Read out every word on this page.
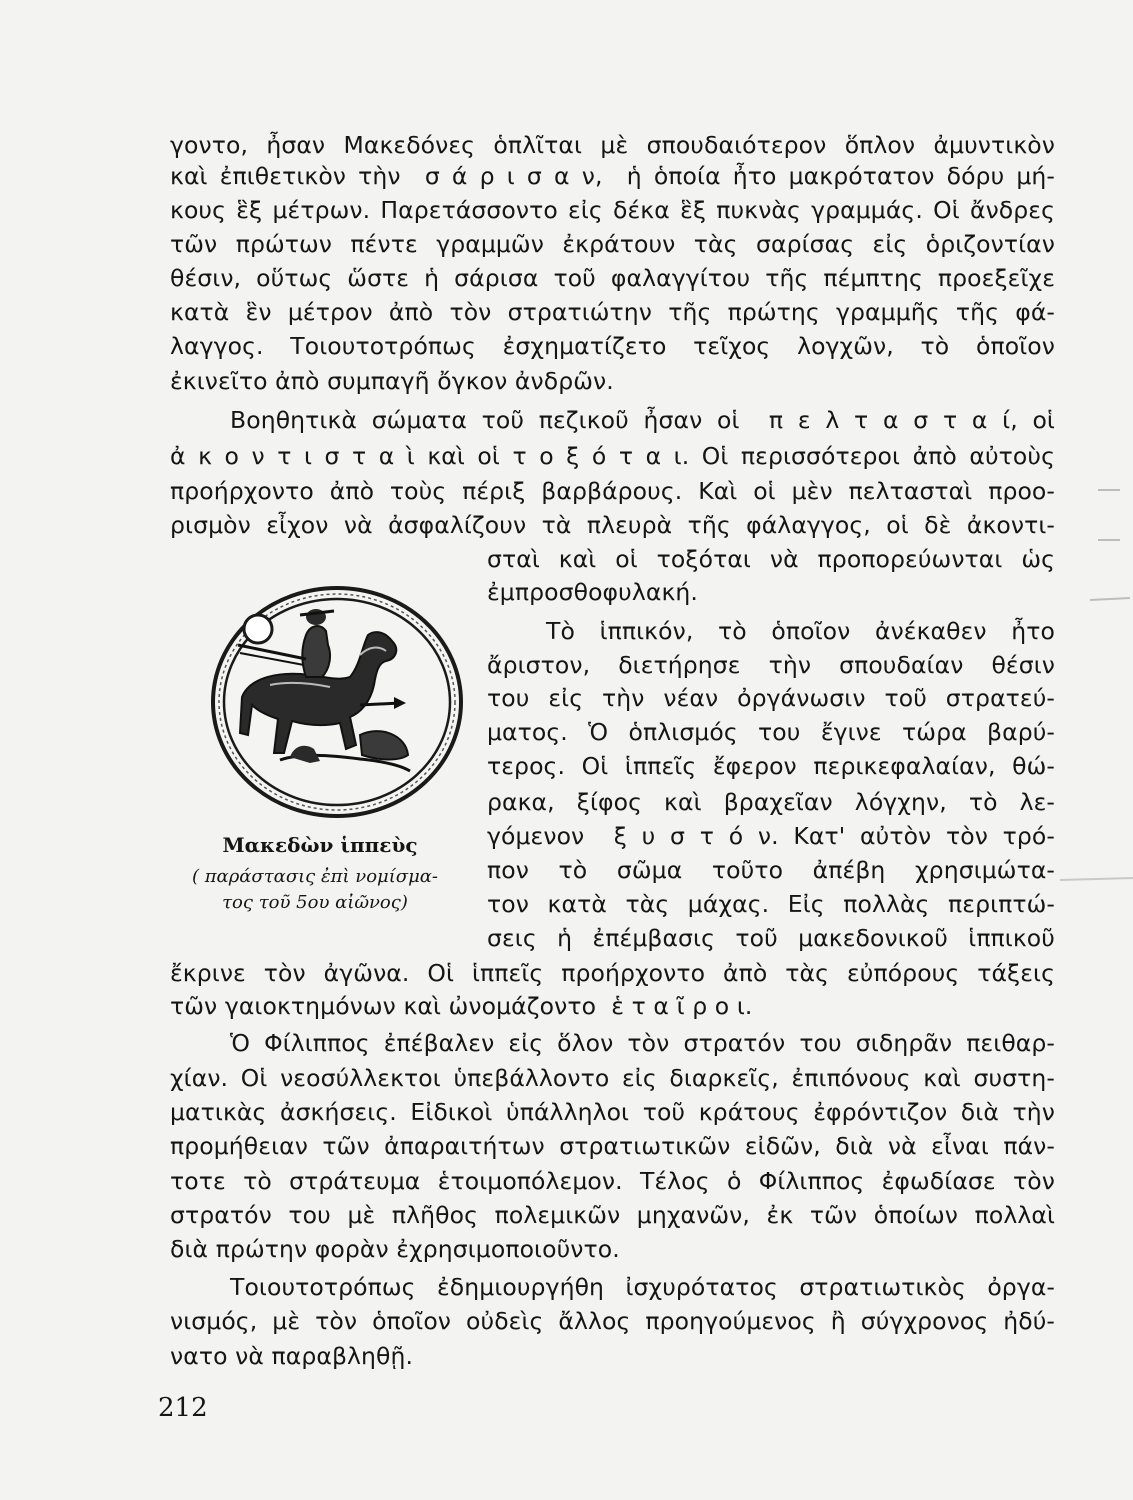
γοντο, ἦσαν Μακεδόνες ὁπλῖται μὲ σπουδαιότερον ὅπλον ἀμυντικὸν
καὶ ἐπιθετικὸν τὴν  σ ά ρ ι σ α ν,  ἡ ὁποία ἦτο μακρότατον δόρυ μή-
κους ἓξ μέτρων. Παρετάσσοντο εἰς δέκα ἓξ πυκνὰς γραμμάς. Οἱ ἄνδρες
τῶν πρώτων πέντε γραμμῶν ἐκράτουν τὰς σαρίσας εἰς ὁριζοντίαν
θέσιν, οὕτως ὥστε ἡ σάρισα τοῦ φαλαγγίτου τῆς πέμπτης προεξεῖχε
κατὰ ἓν μέτρον ἀπὸ τὸν στρατιώτην τῆς πρώτης γραμμῆς τῆς φά-
λαγγος. Τοιουτοτρόπως ἐσχηματίζετο τεῖχος λογχῶν, τὸ ὁποῖον
ἐκινεῖτο ἀπὸ συμπαγῆ ὄγκον ἀνδρῶν.
Βοηθητικὰ σώματα τοῦ πεζικοῦ ἦσαν οἱ  π ε λ τ α σ τ α ί, οἱ
ἀ κ ο ν τ ι σ τ α ὶ καὶ οἱ τ ο ξ ό τ α ι. Οἱ περισσότεροι ἀπὸ αὐτοὺς
προήρχοντο ἀπὸ τοὺς πέριξ βαρβάρους. Καὶ οἱ μὲν πελτασταὶ προο-
ρισμὸν εἶχον νὰ ἀσφαλίζουν τὰ πλευρὰ τῆς φάλαγγος, οἱ δὲ ἀκοντι-
σταὶ καὶ οἱ τοξόται νὰ προπορεύωνται ὡς
ἐμπροσθοφυλακή.
Τὸ ἱππικόν, τὸ ὁποῖον ἀνέκαθεν ἦτο
ἄριστον, διετήρησε τὴν σπουδαίαν θέσιν
του εἰς τὴν νέαν ὀργάνωσιν τοῦ στρατεύ-
ματος. Ὁ ὁπλισμός του ἔγινε τώρα βαρύ-
τερος. Οἱ ἱππεῖς ἔφερον περικεφαλαίαν, θώ-
ρακα, ξίφος καὶ βραχεῖαν λόγχην, τὸ λε-
γόμενον  ξ υ σ τ ό ν. Κατ' αὐτὸν τὸν τρό-
πον τὸ σῶμα τοῦτο ἀπέβη χρησιμώτα-
τον κατὰ τὰς μάχας. Εἰς πολλὰς περιπτώ-
σεις ἡ ἐπέμβασις τοῦ μακεδονικοῦ ἱππικοῦ
ἔκρινε τὸν ἀγῶνα. Οἱ ἱππεῖς προήρχοντο ἀπὸ τὰς εὐπόρους τάξεις
τῶν γαιοκτημόνων καὶ ὠνομάζοντο  ἑ τ α ῖ ρ ο ι.
Μακεδὼν ἱππεὺς
( παράστασις ἐπὶ νομίσμα-
τος τοῦ 5ου αἰῶνος)
Ὁ Φίλιππος ἐπέβαλεν εἰς ὅλον τὸν στρατόν του σιδηρᾶν πειθαρ-
χίαν. Οἱ νεοσύλλεκτοι ὑπεβάλλοντο εἰς διαρκεῖς, ἐπιπόνους καὶ συστη-
ματικὰς ἀσκήσεις. Εἰδικοὶ ὑπάλληλοι τοῦ κράτους ἐφρόντιζον διὰ τὴν
προμήθειαν τῶν ἀπαραιτήτων στρατιωτικῶν εἰδῶν, διὰ νὰ εἶναι πάν-
τοτε τὸ στράτευμα ἑτοιμοπόλεμον. Τέλος ὁ Φίλιππος ἐφωδίασε τὸν
στρατόν του μὲ πλῆθος πολεμικῶν μηχανῶν, ἐκ τῶν ὁποίων πολλαὶ
διὰ πρώτην φορὰν ἐχρησιμοποιοῦντο.
Τοιουτοτρόπως ἐδημιουργήθη ἰσχυρότατος στρατιωτικὸς ὀργα-
νισμός, μὲ τὸν ὁποῖον οὐδεὶς ἄλλος προηγούμενος ἢ σύγχρονος ἠδύ-
νατο νὰ παραβληθῇ.
212
